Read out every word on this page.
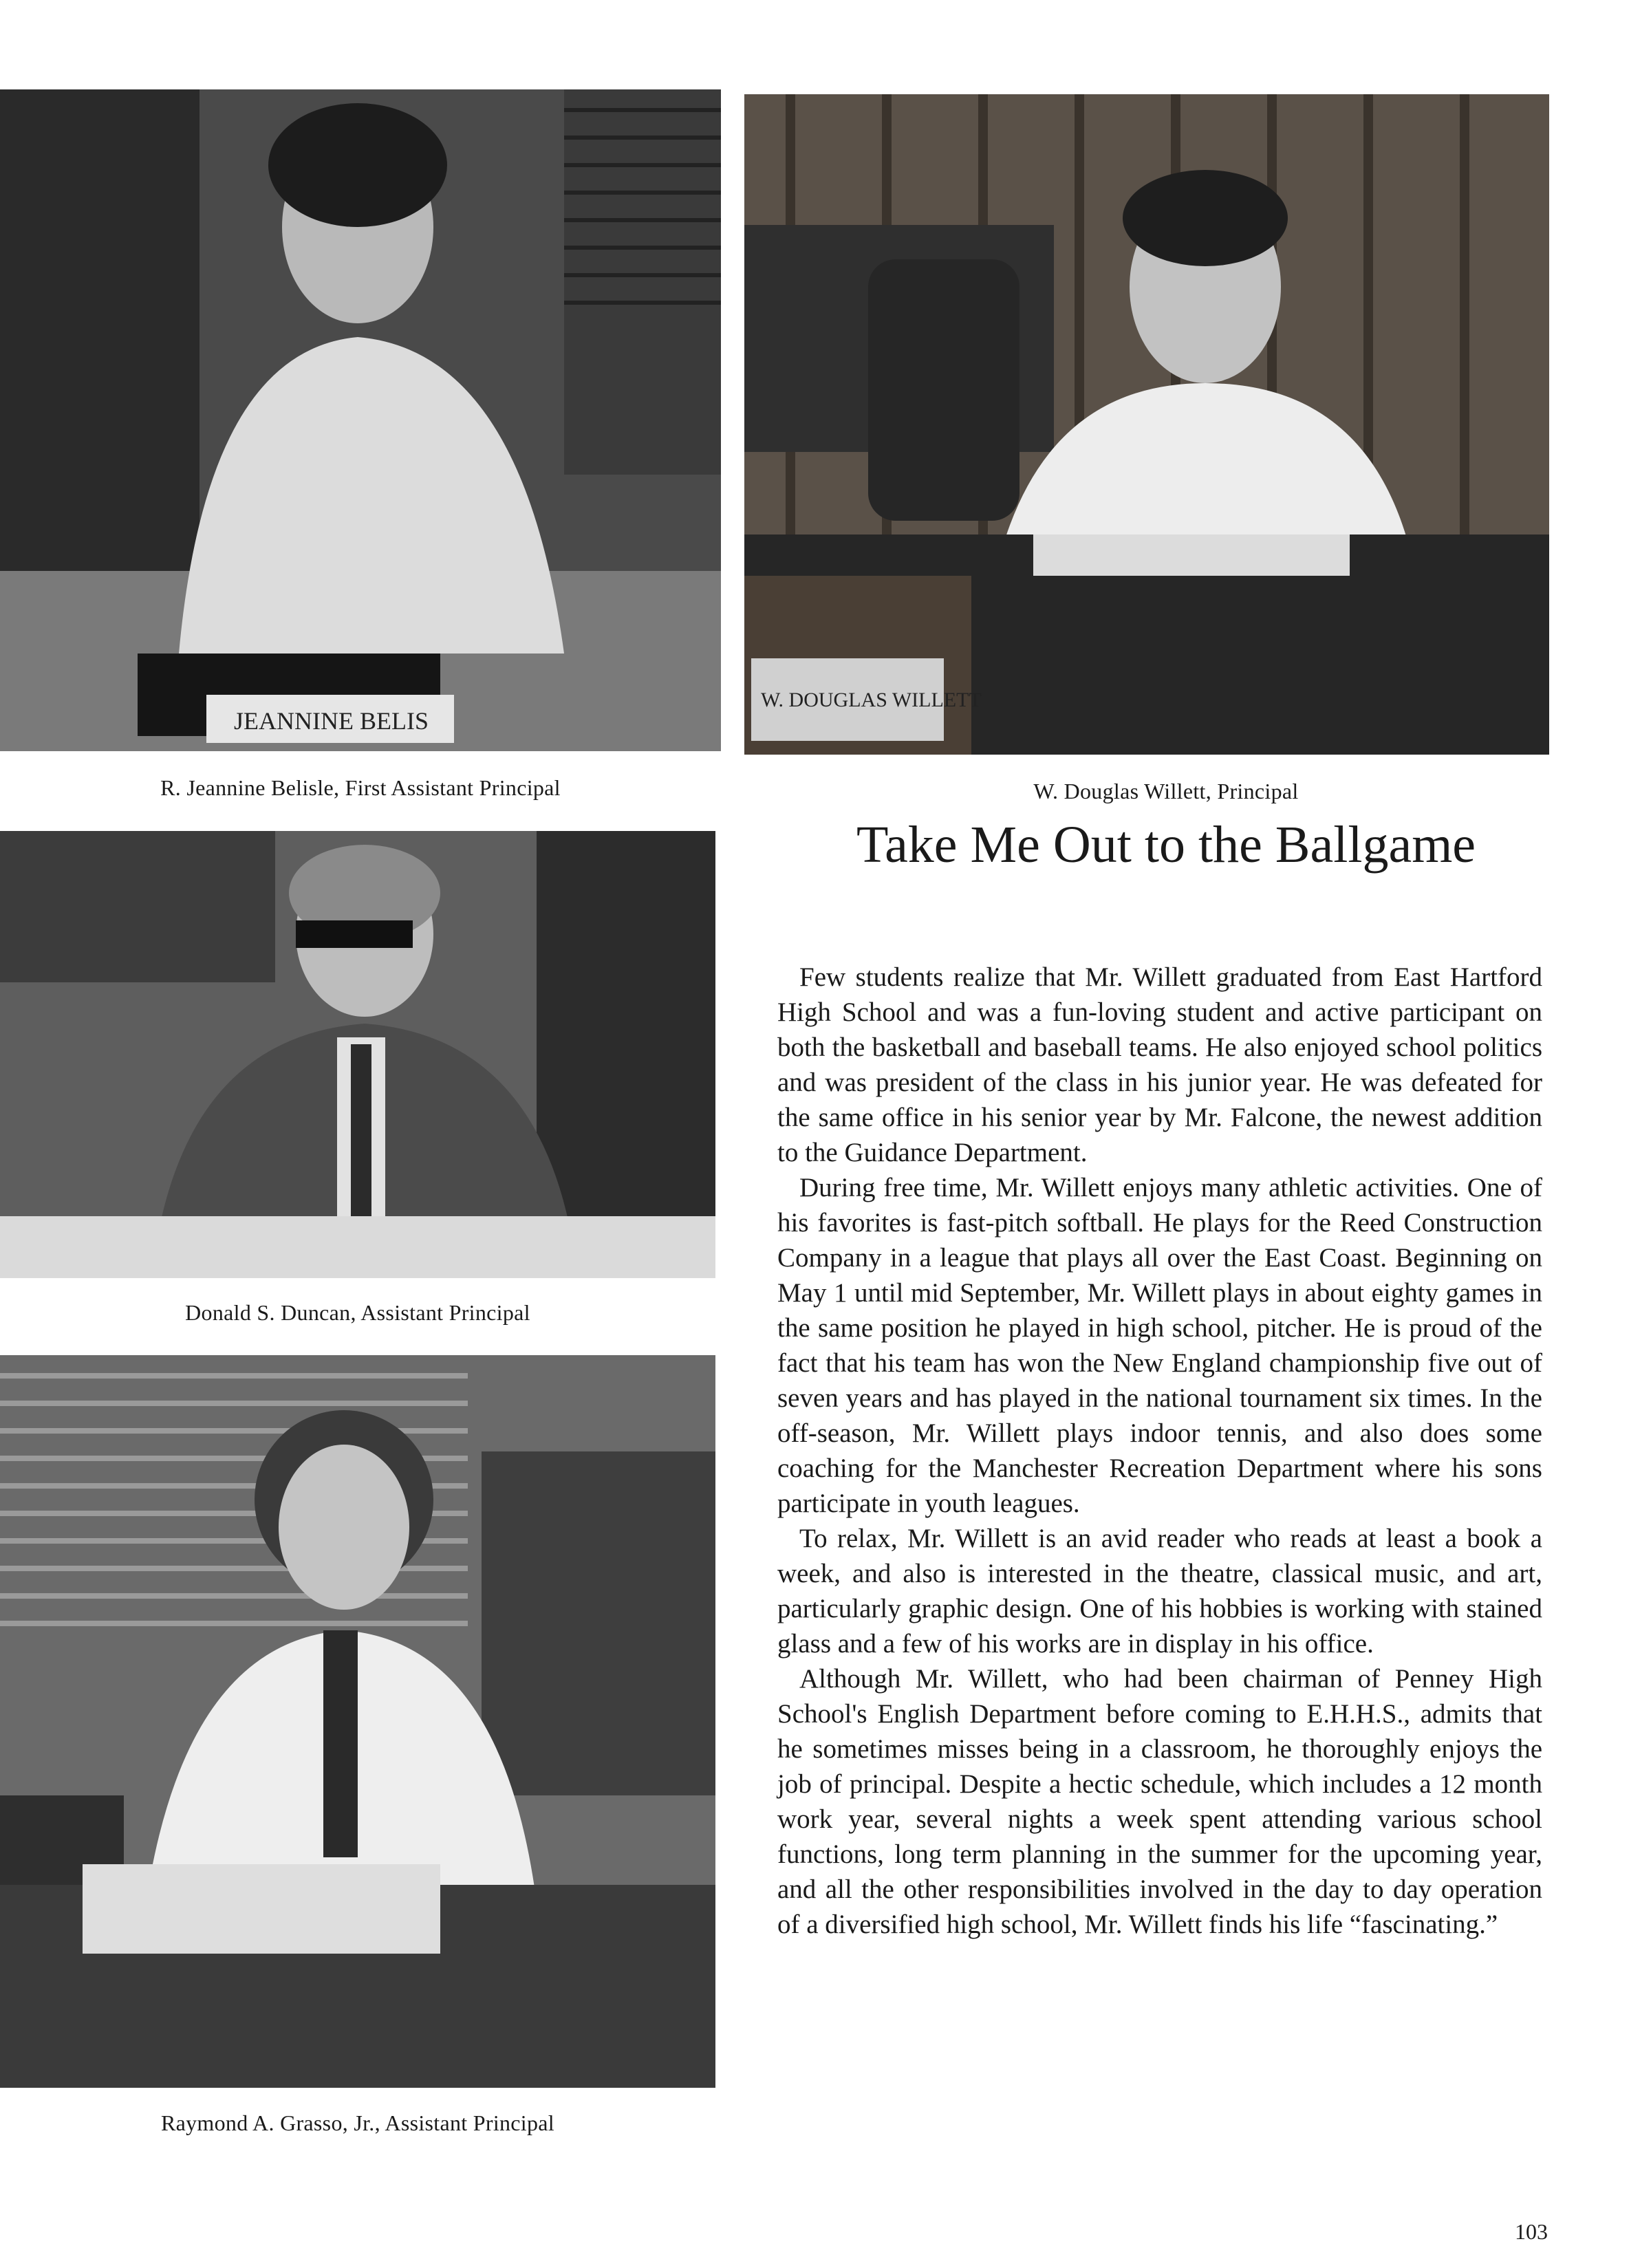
JEANNINE BELIS
R. Jeannine Belisle, First Assistant Principal
W. DOUGLAS WILLETT
W. Douglas Willett, Principal
Take Me Out to the Ballgame
Donald S. Duncan, Assistant Principal
Raymond A. Grasso, Jr., Assistant Principal

Few students realize that Mr. Willett graduated from East Hartford High School and was a fun-loving student and active participant on both the basketball and baseball teams. He also enjoyed school politics and was president of the class in his junior year. He was defeated for the same office in his senior year by Mr. Falcone, the newest addition to the Guidance Department.

During free time, Mr. Willett enjoys many athletic activities. One of his favorites is fast-pitch softball. He plays for the Reed Construction Company in a league that plays all over the East Coast. Beginning on May 1 until mid September, Mr. Willett plays in about eighty games in the same position he played in high school, pitcher. He is proud of the fact that his team has won the New England championship five out of seven years and has played in the national tournament six times. In the off-season, Mr. Willett plays indoor tennis, and also does some coaching for the Manchester Recreation Department where his sons participate in youth leagues.

To relax, Mr. Willett is an avid reader who reads at least a book a week, and also is interested in the theatre, classical music, and art, particularly graphic design. One of his hobbies is working with stained glass and a few of his works are in display in his office.

Although Mr. Willett, who had been chairman of Penney High School's English Department before coming to E.H.H.S., admits that he sometimes misses being in a classroom, he thoroughly enjoys the job of principal. Despite a hectic schedule, which includes a 12 month work year, several nights a week spent attending various school functions, long term planning in the summer for the upcoming year, and all the other responsibilities involved in the day to day operation of a diversified high school, Mr. Willett finds his life “fascinating.”

103
